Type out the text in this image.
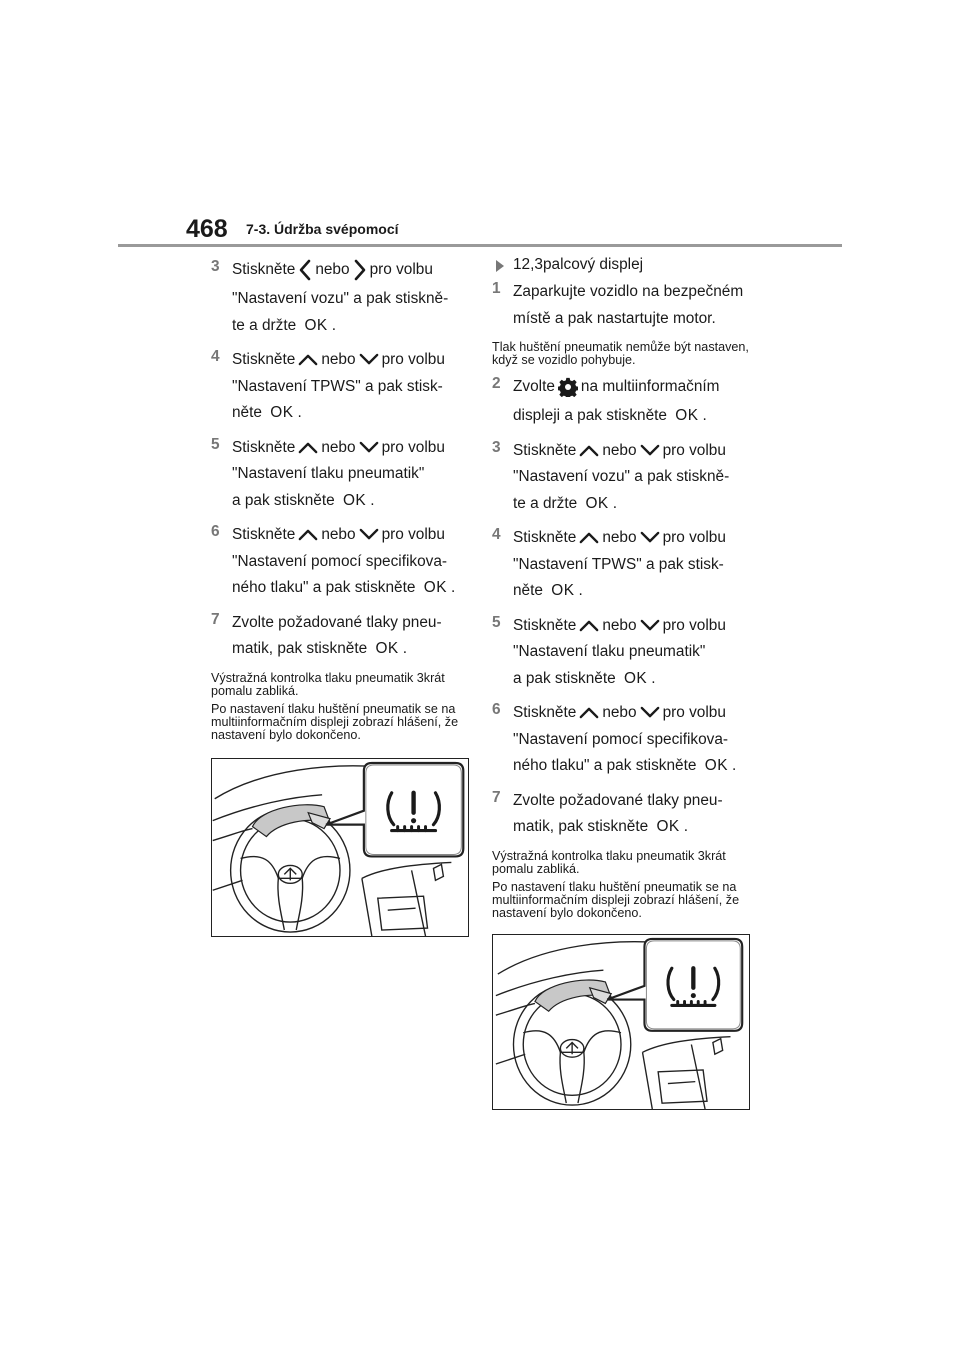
468 7-3. Údržba svépomocí
3 Stiskněte nebo pro volbu
"Nastavení vozu" a pak stiskně-
te a držte OK .
4 Stiskněte nebo pro volbu
"Nastavení TPWS" a pak stisk-
něte OK .
5 Stiskněte nebo pro volbu
"Nastavení tlaku pneumatik"
a pak stiskněte OK .
6 Stiskněte nebo pro volbu
"Nastavení pomocí specifikova-
ného tlaku" a pak stiskněte OK .
7 Zvolte požadované tlaky pneu-
matik, pak stiskněte OK .

Výstražná kontrolka tlaku pneumatik 3krát pomalu zabliká.

Po nastavení tlaku huštění pneumatik se na multiinformačním displeji zobrazí hlášení, že nastavení bylo dokončeno.

12,3palcový displej
1 Zaparkujte vozidlo na bezpečném
místě a pak nastartujte motor.

Tlak huštění pneumatik nemůže být nastaven, když se vozidlo pohybuje.

2 Zvolte na multiinformačním
displeji a pak stiskněte OK .
3 Stiskněte nebo pro volbu
"Nastavení vozu" a pak stiskně-
te a držte OK .
4 Stiskněte nebo pro volbu
"Nastavení TPWS" a pak stisk-
něte OK .
5 Stiskněte nebo pro volbu
"Nastavení tlaku pneumatik"
a pak stiskněte OK .
6 Stiskněte nebo pro volbu
"Nastavení pomocí specifikova-
ného tlaku" a pak stiskněte OK .
7 Zvolte požadované tlaky pneu-
matik, pak stiskněte OK .

Výstražná kontrolka tlaku pneumatik 3krát pomalu zabliká.

Po nastavení tlaku huštění pneumatik se na multiinformačním displeji zobrazí hlášení, že nastavení bylo dokončeno.
